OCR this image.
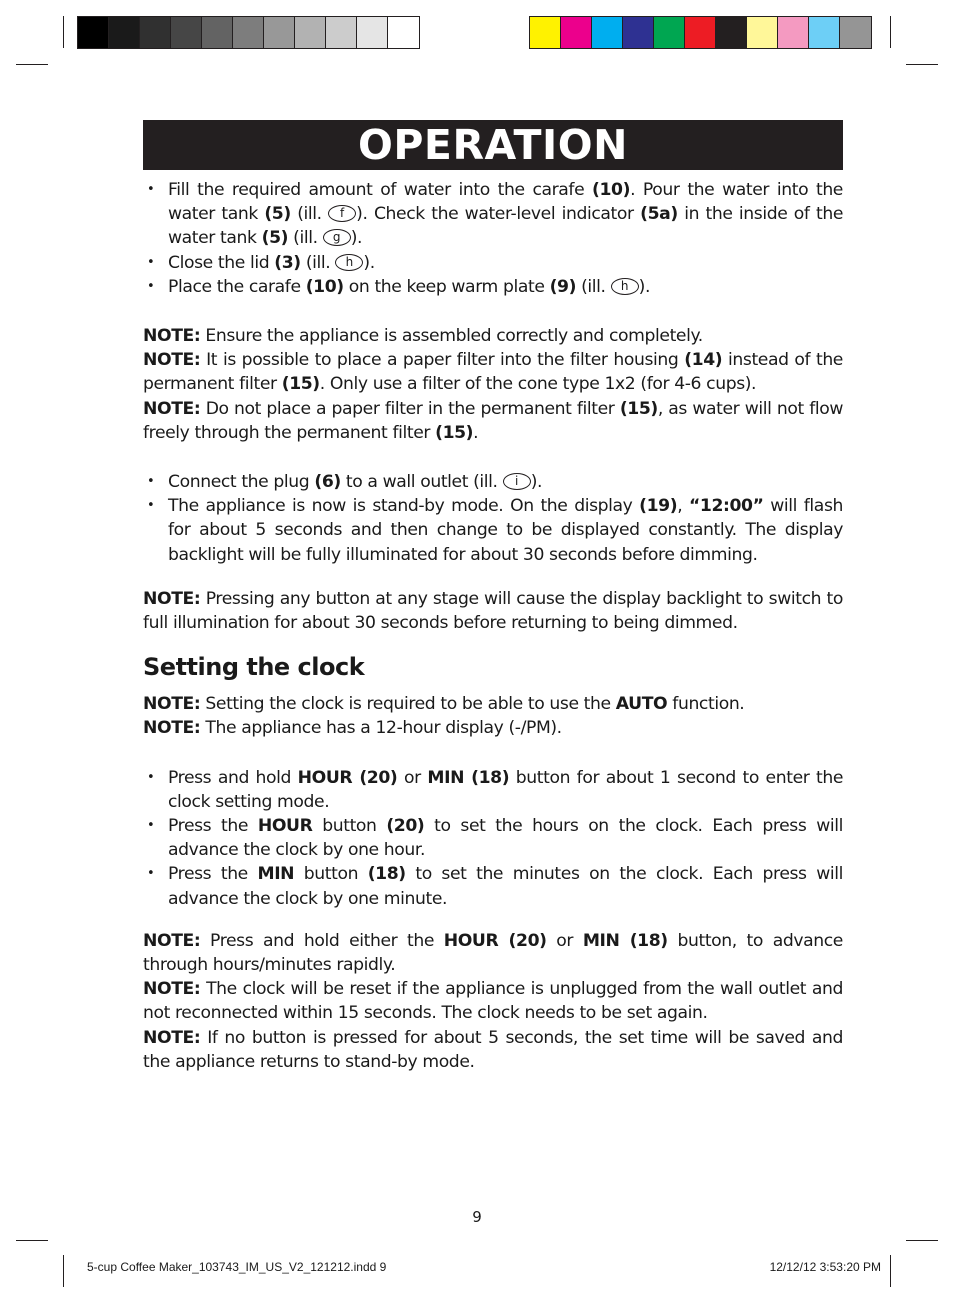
OPERATION
• Fill the required amount of water into the carafe (10). Pour the water into the water tank (5) (ill. f ). Check the water-level indicator (5a) in the inside of the water tank (5) (ill. g ).
• Close the lid (3) (ill. h ).
• Place the carafe (10) on the keep warm plate (9) (ill. h ).

NOTE: Ensure the appliance is assembled correctly and completely.

NOTE: It is possible to place a paper filter into the filter housing (14) instead of the permanent filter (15). Only use a filter of the cone type 1x2 (for 4-6 cups).

NOTE: Do not place a paper filter in the permanent filter (15), as water will not flow freely through the permanent filter (15).

• Connect the plug (6) to a wall outlet (ill. i ).
• The appliance is now is stand-by mode. On the display (19), “12:00” will flash for about 5 seconds and then change to be displayed constantly. The display backlight will be fully illuminated for about 30 seconds before dimming.

NOTE: Pressing any button at any stage will cause the display backlight to switch to full illumination for about 30 seconds before returning to being dimmed.

Setting the clock

NOTE: Setting the clock is required to be able to use the AUTO function.

NOTE: The appliance has a 12-hour display (-/PM).

• Press and hold HOUR (20) or MIN (18) button for about 1 second to enter the clock setting mode.
• Press the HOUR button (20) to set the hours on the clock. Each press will advance the clock by one hour.
• Press the MIN button (18) to set the minutes on the clock. Each press will advance the clock by one minute.

NOTE: Press and hold either the HOUR (20) or MIN (18) button, to advance through hours/minutes rapidly.

NOTE: The clock will be reset if the appliance is unplugged from the wall outlet and not reconnected within 15 seconds. The clock needs to be set again.

NOTE: If no button is pressed for about 5 seconds, the set time will be saved and the appliance returns to stand-by mode.

9
5-cup Coffee Maker_103743_IM_US_V2_121212.indd 9	12/12/12 3:53:20 PM
